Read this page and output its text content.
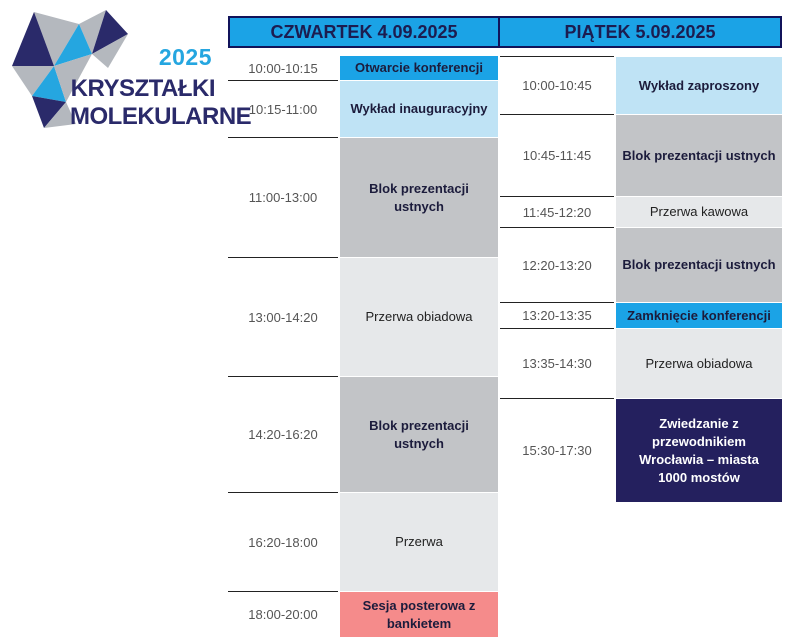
2025
KRYSZTAŁKI
MOLEKULARNE
CZWARTEK 4.09.2025	PIĄTEK 5.09.2025
10:00-10:15
10:15-11:00
11:00-13:00
13:00-14:20
14:20-16:20
16:20-18:00
18:00-20:00
Otwarcie konferencji
Wykład inauguracyjny
Blok prezentacji ustnych
Przerwa obiadowa
Blok prezentacji ustnych
Przerwa
Sesja posterowa z bankietem
10:00-10:45
10:45-11:45
11:45-12:20
12:20-13:20
13:20-13:35
13:35-14:30
15:30-17:30
Wykład zaproszony
Blok prezentacji ustnych
Przerwa kawowa
Blok prezentacji ustnych
Zamknięcie konferencji
Przerwa obiadowa
Zwiedzanie z przewodnikiem Wrocławia – miasta 1000 mostów
